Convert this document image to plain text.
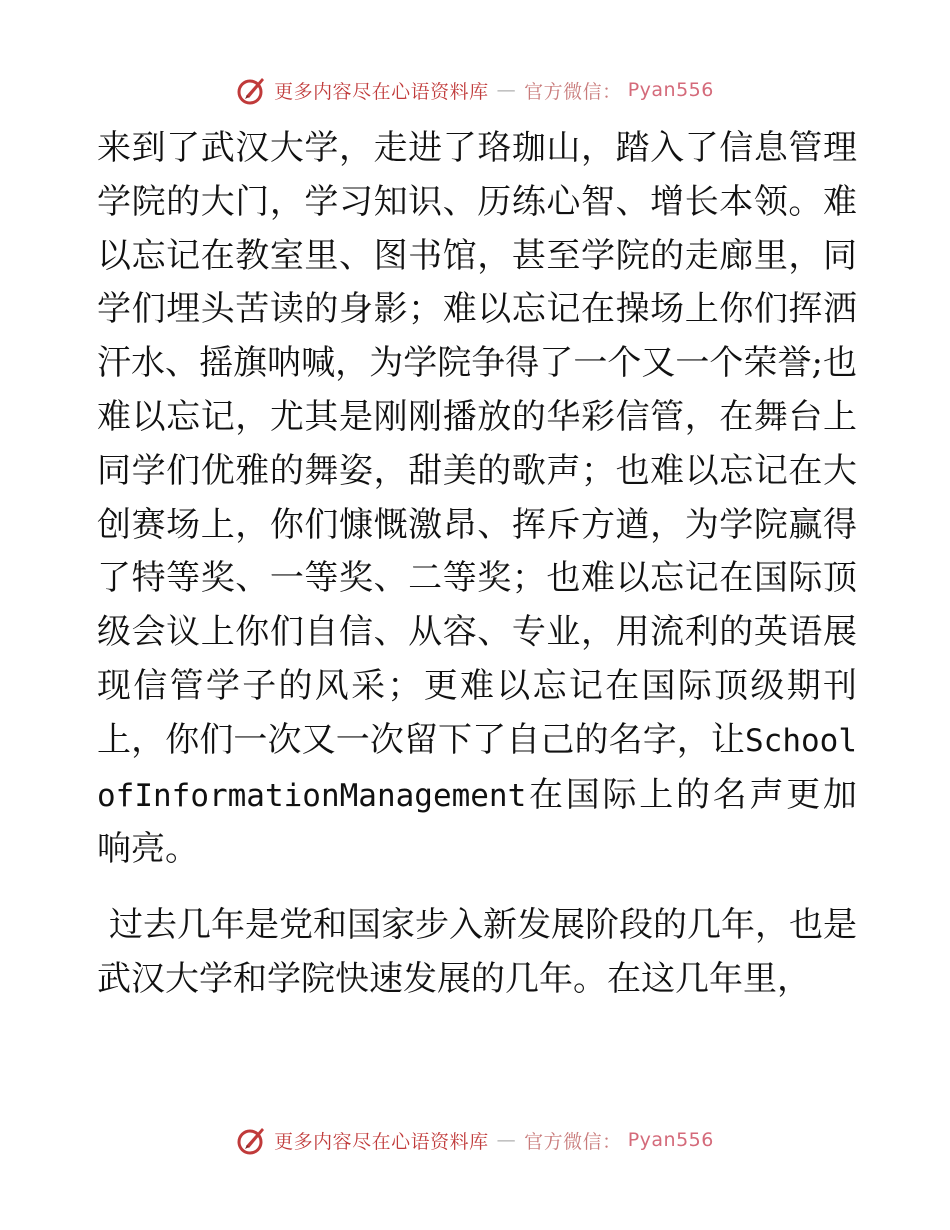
更多内容尽在心语资料库 — 官方微信： Pyan556

来到了武汉大学，走进了珞珈山，踏入了信息管理学院的大门，学习知识、历练心智、增长本领。难以忘记在教室里、图书馆，甚至学院的走廊里，同学们埋头苦读的身影；难以忘记在操场上你们挥洒汗水、摇旗呐喊，为学院争得了一个又一个荣誉;也难以忘记，尤其是刚刚播放的华彩信管，在舞台上同学们优雅的舞姿，甜美的歌声；也难以忘记在大创赛场上，你们慷慨激昂、挥斥方遒，为学院赢得了特等奖、一等奖、二等奖；也难以忘记在国际顶级会议上你们自信、从容、专业，用流利的英语展现信管学子的风采；更难以忘记在国际顶级期刊上，你们一次又一次留下了自己的名字，让SchoolofInformationManagement在国际上的名声更加响亮。

过去几年是党和国家步入新发展阶段的几年，也是武汉大学和学院快速发展的几年。在这几年里，

更多内容尽在心语资料库 — 官方微信： Pyan556
